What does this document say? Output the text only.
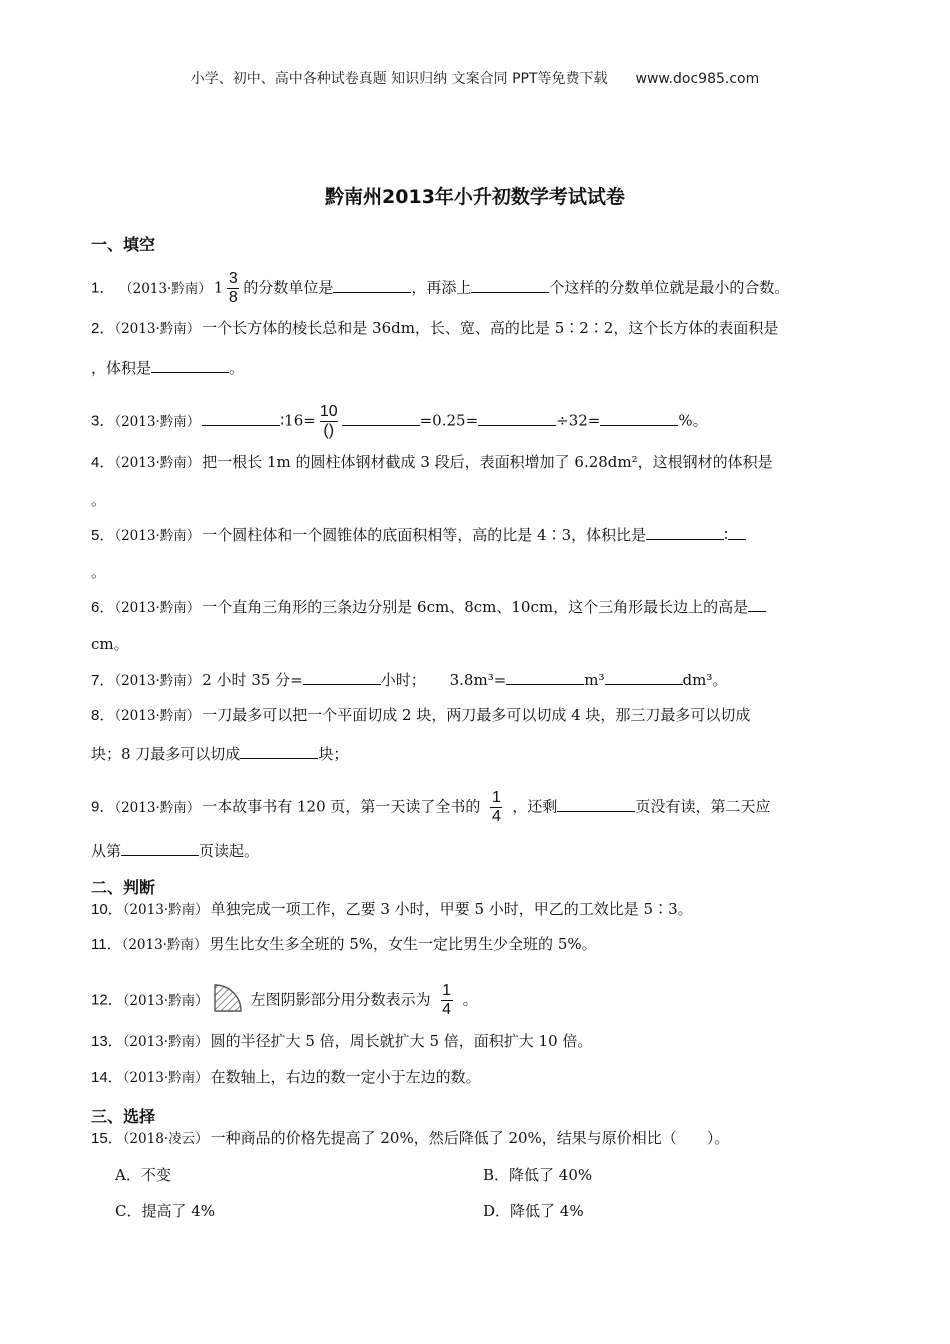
小学、初中、高中各种试卷真题 知识归纳 文案合同 PPT等免费下载 www.doc985.com
黔南州2013年小升初数学考试试卷
一、填空
1． （2013·黔南） $1 \frac{3}{8}$ 的分数单位是	，再添上	个这样的分数单位就是最小的合数。
2．（2013·黔南） 一个长方体的棱长总和是 36dm，长、宽、高的比是 5∶2∶2，这个长方体的表面积是
，体积是	。
3．（2013·黔南）	∶16= $\frac{10}{()}$	=0.25=	÷32=	%。
4．（2013·黔南） 把一根长 1m 的圆柱体钢材截成 3 段后，表面积增加了 6.28dm²，这根钢材的体积是
。
5．（2013·黔南） 一个圆柱体和一个圆锥体的底面积相等，高的比是 4∶3，体积比是	∶
。
6．（2013·黔南） 一个直角三角形的三条边分别是 6cm、8cm、10cm，这个三角形最长边上的高是
cm。
7．（2013·黔南） 2 小时 35 分=	小时； 3.8m³=	m³	dm³。
8．（2013·黔南） 一刀最多可以把一个平面切成 2 块，两刀最多可以切成 4 块，那三刀最多可以切成
块；8 刀最多可以切成	块；
9．（2013·黔南） 一本故事书有 120 页，第一天读了全书的 $\frac{1}{4}$ ，还剩	页没有读，第二天应
从第	页读起。
二、判断
10．（2013·黔南） 单独完成一项工作，乙要 3 小时，甲要 5 小时，甲乙的工效比是 5∶3。
11．（2013·黔南） 男生比女生多全班的 5%，女生一定比男生少全班的 5%。
12．（2013·黔南）	左图阴影部分用分数表示为 $\frac{1}{4}$ 。
13．（2013·黔南） 圆的半径扩大 5 倍，周长就扩大 5 倍，面积扩大 10 倍。
14．（2013·黔南） 在数轴上，右边的数一定小于左边的数。
三、选择
15．（2018·凌云） 一种商品的价格先提高了 20%，然后降低了 20%，结果与原价相比（　　）。
A．不变	B．降低了 40%
C．提高了 4%	D．降低了 4%
